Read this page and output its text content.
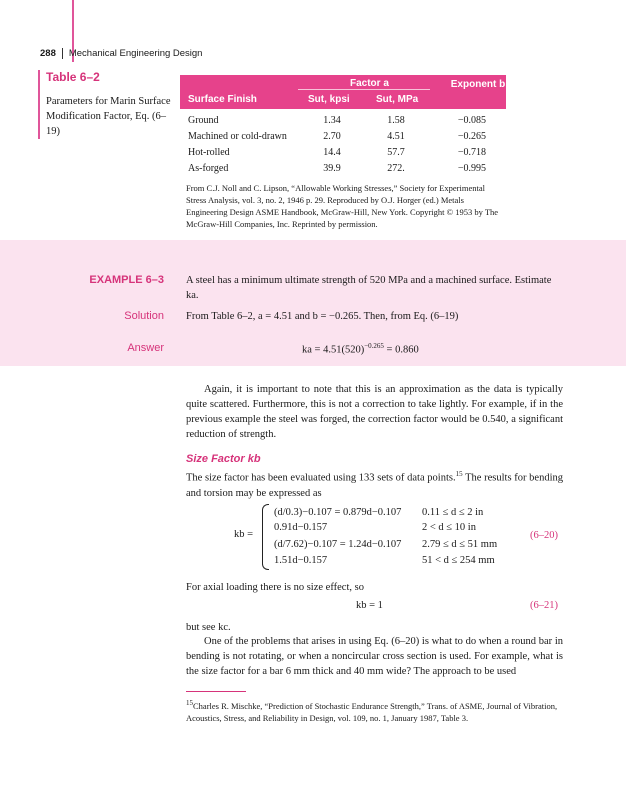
288 Mechanical Engineering Design
Table 6–2
Parameters for Marin Surface Modification Factor, Eq. (6–19)
Factor a
Surface Finish	Sut, kpsi	Sut, MPa
Exponent b
Ground	1.34	1.58	−0.085
Machined or cold-drawn	2.70	4.51	−0.265
Hot-rolled	14.4	57.7	−0.718
As-forged	39.9	272.	−0.995
From C.J. Noll and C. Lipson, “Allowable Working Stresses,” Society for Experimental Stress Analysis, vol. 3, no. 2, 1946 p. 29. Reproduced by O.J. Horger (ed.) Metals Engineering Design ASME Handbook, McGraw-Hill, New York. Copyright © 1953 by The McGraw-Hill Companies, Inc. Reprinted by permission.
EXAMPLE 6–3 A steel has a minimum ultimate strength of 520 MPa and a machined surface. Estimate ka.
Solution From Table 6–2, a = 4.51 and b = −0.265. Then, from Eq. (6–19)
Answer	ka = $4.51(520)^{-0.265} = 0.860$
Again, it is important to note that this is an approximation as the data is typically quite scattered. Furthermore, this is not a correction to take lightly. For example, if in the previous example the steel was forged, the correction factor would be 0.540, a significant reduction of strength.
Size Factor kb
The size factor has been evaluated using 133 sets of data points.$^{15}$ The results for bending and torsion may be expressed as
kb =
(d/0.3)−0.107 = 0.879d−0.107 0.11 ≤ d ≤ 2 in
0.91d−0.157	2 < d ≤ 10 in
(d/7.62)−0.107 = 1.24d−0.107 2.79 ≤ d ≤ 51 mm
1.51d−0.157	51 < d ≤ 254 mm
(6–20)
For axial loading there is no size effect, so
kb = 1	(6–21)
but see kc.
One of the problems that arises in using Eq. (6–20) is what to do when a round bar in bending is not rotating, or when a noncircular cross section is used. For example, what is the size factor for a bar 6 mm thick and 40 mm wide? The approach to be used
$^{15}$Charles R. Mischke, “Prediction of Stochastic Endurance Strength,” Trans. of ASME, Journal of Vibration, Acoustics, Stress, and Reliability in Design, vol. 109, no. 1, January 1987, Table 3.
